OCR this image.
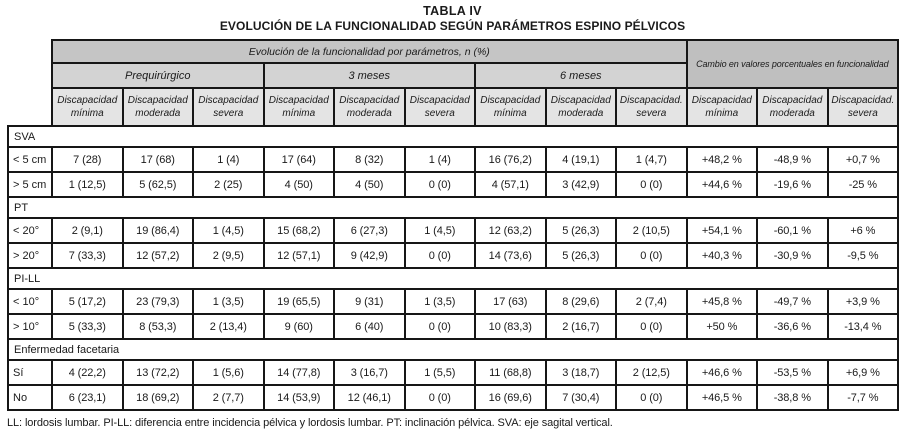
TABLA IV
EVOLUCIÓN DE LA FUNCIONALIDAD SEGÚN PARÁMETROS ESPINO PÉLVICOS
	Evolución de la funcionalidad por parámetros, n (%)									Cambio en valores porcentuales en funcionalidad		
	Prequirúrgico			3 meses			6 meses					
	Discapacidad mínima	Discapacidad moderada	Discapacidad severa	Discapacidad mínima	Discapacidad moderada	Discapacidad severa	Discapacidad mínima	Discapacidad moderada	Discapacidad. severa	Discapacidad mínima	Discapacidad moderada	Discapacidad. severa
SVA												
< 5 cm	7 (28)	17 (68)	1 (4)	17 (64)	8 (32)	1 (4)	16 (76,2)	4 (19,1)	1 (4,7)	+48,2 %	-48,9 %	+0,7 %
> 5 cm	1 (12,5)	5 (62,5)	2 (25)	4 (50)	4 (50)	0 (0)	4 (57,1)	3 (42,9)	0 (0)	+44,6 %	-19,6 %	-25 %
PT												
< 20°	2 (9,1)	19 (86,4)	1 (4,5)	15 (68,2)	6 (27,3)	1 (4,5)	12 (63,2)	5 (26,3)	2 (10,5)	+54,1 %	-60,1 %	+6 %
> 20°	7 (33,3)	12 (57,2)	2 (9,5)	12 (57,1)	9 (42,9)	0 (0)	14 (73,6)	5 (26,3)	0 (0)	+40,3 %	-30,9 %	-9,5 %
PI-LL												
< 10°	5 (17,2)	23 (79,3)	1 (3,5)	19 (65,5)	9 (31)	1 (3,5)	17 (63)	8 (29,6)	2 (7,4)	+45,8 %	-49,7 %	+3,9 %
> 10°	5 (33,3)	8 (53,3)	2 (13,4)	9 (60)	6 (40)	0 (0)	10 (83,3)	2 (16,7)	0 (0)	+50 %	-36,6 %	-13,4 %
Enfermedad facetaria												
Sí	4 (22,2)	13 (72,2)	1 (5,6)	14 (77,8)	3 (16,7)	1 (5,5)	11 (68,8)	3 (18,7)	2 (12,5)	+46,6 %	-53,5 %	+6,9 %
No	6 (23,1)	18 (69,2)	2 (7,7)	14 (53,9)	12 (46,1)	0 (0)	16 (69,6)	7 (30,4)	0 (0)	+46,5 %	-38,8 %	-7,7 %
LL: lordosis lumbar. PI-LL: diferencia entre incidencia pélvica y lordosis lumbar. PT: inclinación pélvica. SVA: eje sagital vertical.
